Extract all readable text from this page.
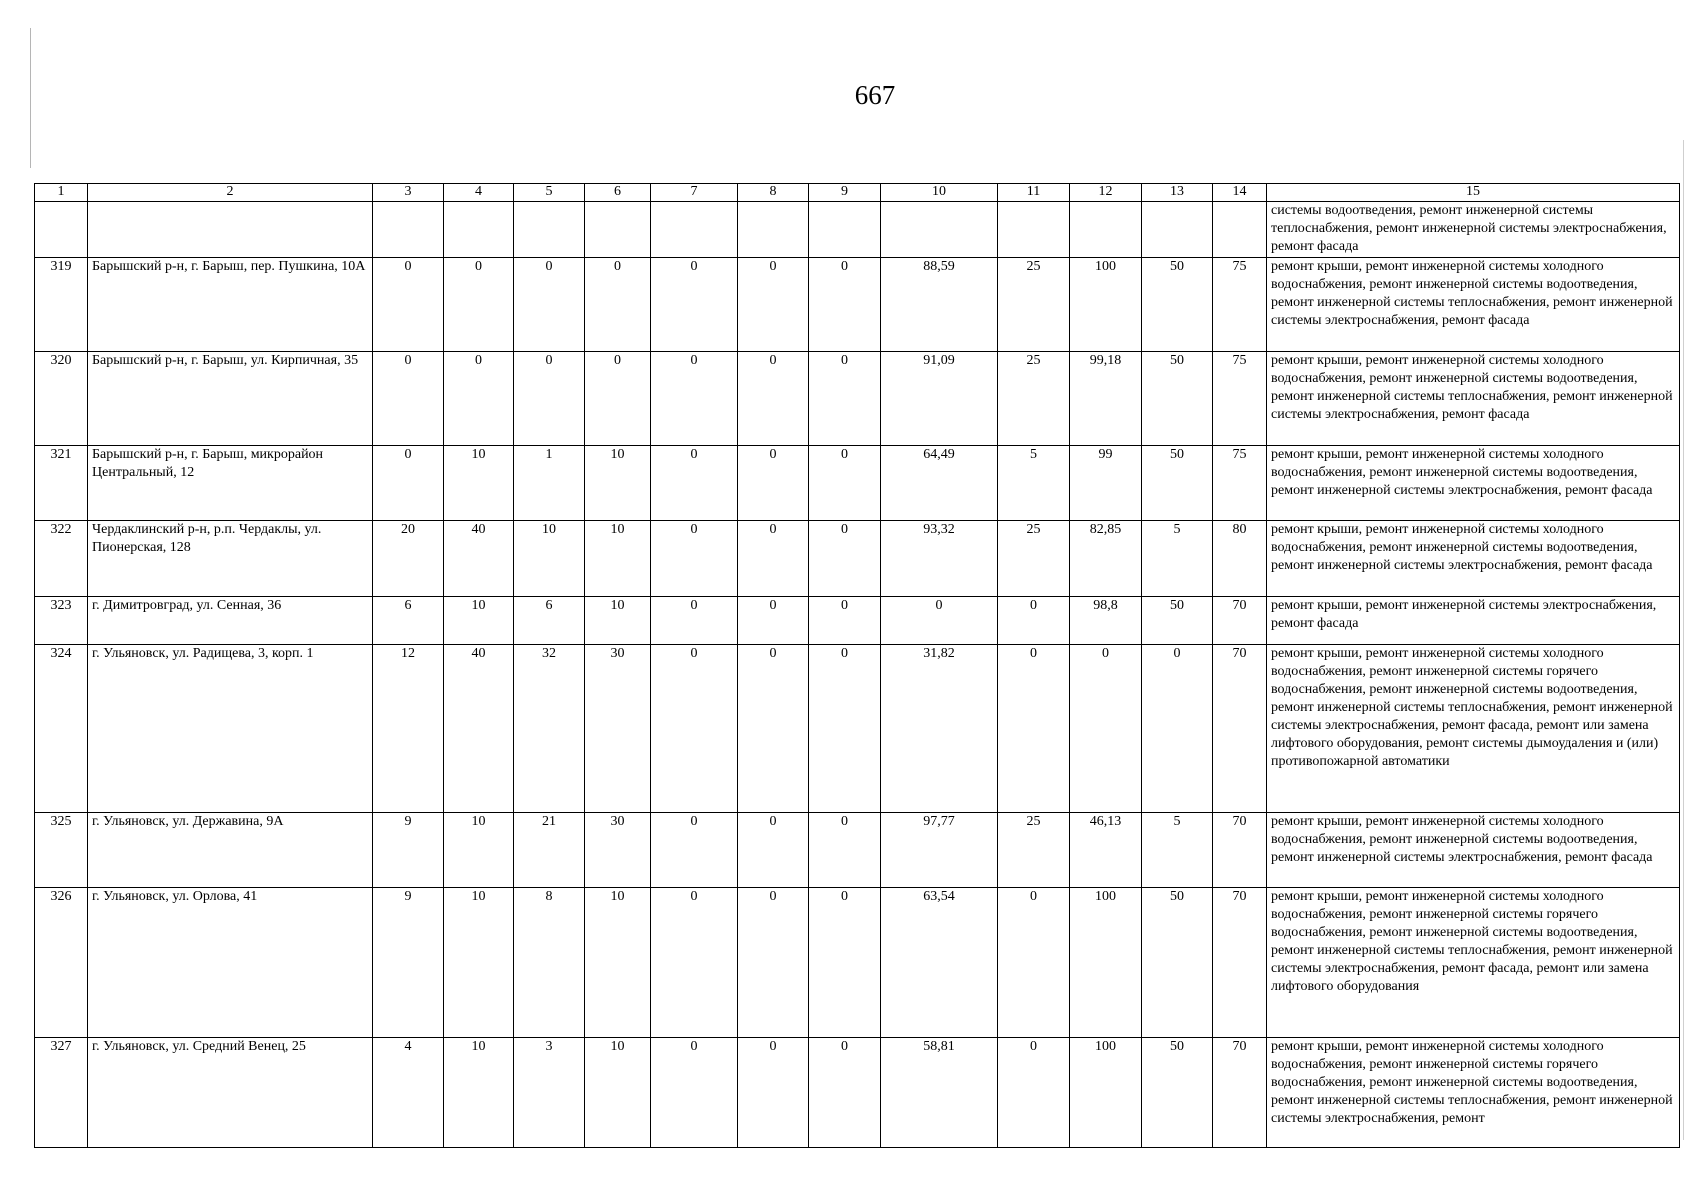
667
1	2	3	4	5	6	7	8	9	10	11	12	13	14	15
														системы водоотведения, ремонт инженерной системы теплоснабжения, ремонт инженерной системы электроснабжения, ремонт фасада
319	Барышский р-н, г. Барыш, пер. Пушкина, 10А	0	0	0	0	0	0	0	88,59	25	100	50	75	ремонт крыши, ремонт инженерной системы холодного водоснабжения, ремонт инженерной системы водоотведения, ремонт инженерной системы теплоснабжения, ремонт инженерной системы электроснабжения, ремонт фасада
320	Барышский р-н, г. Барыш, ул. Кирпичная, 35	0	0	0	0	0	0	0	91,09	25	99,18	50	75	ремонт крыши, ремонт инженерной системы холодного водоснабжения, ремонт инженерной системы водоотведения, ремонт инженерной системы теплоснабжения, ремонт инженерной системы электроснабжения, ремонт фасада
321	Барышский р-н, г. Барыш, микрорайон Центральный, 12	0	10	1	10	0	0	0	64,49	5	99	50	75	ремонт крыши, ремонт инженерной системы холодного водоснабжения, ремонт инженерной системы водоотведения, ремонт инженерной системы электроснабжения, ремонт фасада
322	Чердаклинский р-н, р.п. Чердаклы, ул. Пионерская, 128	20	40	10	10	0	0	0	93,32	25	82,85	5	80	ремонт крыши, ремонт инженерной системы холодного водоснабжения, ремонт инженерной системы водоотведения, ремонт инженерной системы электроснабжения, ремонт фасада
323	г. Димитровград, ул. Сенная, 36	6	10	6	10	0	0	0	0	0	98,8	50	70	ремонт крыши, ремонт инженерной системы электроснабжения, ремонт фасада
324	г. Ульяновск, ул. Радищева, 3, корп. 1	12	40	32	30	0	0	0	31,82	0	0	0	70	ремонт крыши, ремонт инженерной системы холодного водоснабжения, ремонт инженерной системы горячего водоснабжения, ремонт инженерной системы водоотведения, ремонт инженерной системы теплоснабжения, ремонт инженерной системы электроснабжения, ремонт фасада, ремонт или замена лифтового оборудования, ремонт системы дымоудаления и (или) противопожарной автоматики
325	г. Ульяновск, ул. Державина, 9А	9	10	21	30	0	0	0	97,77	25	46,13	5	70	ремонт крыши, ремонт инженерной системы холодного водоснабжения, ремонт инженерной системы водоотведения, ремонт инженерной системы электроснабжения, ремонт фасада
326	г. Ульяновск, ул. Орлова, 41	9	10	8	10	0	0	0	63,54	0	100	50	70	ремонт крыши, ремонт инженерной системы холодного водоснабжения, ремонт инженерной системы горячего водоснабжения, ремонт инженерной системы водоотведения, ремонт инженерной системы теплоснабжения, ремонт инженерной системы электроснабжения, ремонт фасада, ремонт или замена лифтового оборудования
327	г. Ульяновск, ул. Средний Венец, 25	4	10	3	10	0	0	0	58,81	0	100	50	70	ремонт крыши, ремонт инженерной системы холодного водоснабжения, ремонт инженерной системы горячего водоснабжения, ремонт инженерной системы водоотведения, ремонт инженерной системы теплоснабжения, ремонт инженерной системы электроснабжения, ремонт
